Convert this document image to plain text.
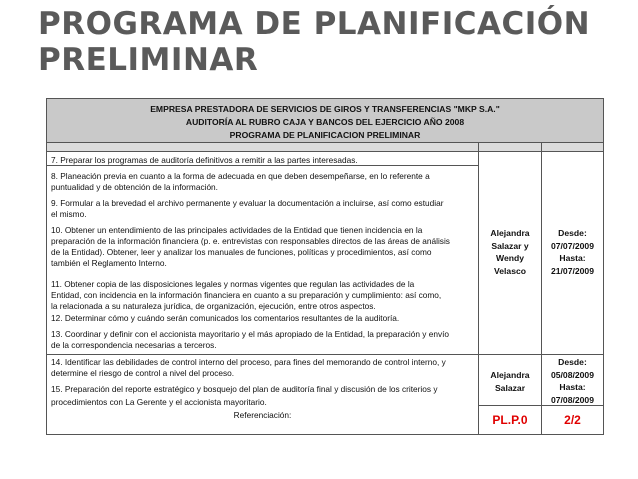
PROGRAMA DE PLANIFICACIÓN
PRELIMINAR
EMPRESA PRESTADORA DE SERVICIOS DE GIROS Y TRANSFERENCIAS "MKP S.A."
AUDITORÍA AL RUBRO CAJA Y BANCOS DEL EJERCICIO AÑO 2008
PROGRAMA DE PLANIFICACION PRELIMINAR
7. Preparar los programas de auditoría definitivos a remitir a las partes interesadas.
8. Planeación previa en cuanto a la forma de adecuada en que deben desempeñarse, en lo referente a
puntualidad y de obtención de la información.
9. Formular a la brevedad el archivo permanente y evaluar la documentación a incluirse, así como estudiar
el mismo.
10. Obtener un entendimiento de las principales actividades de la Entidad que tienen incidencia en la
preparación de la información financiera (p. e. entrevistas con responsables directos de las áreas de análisis
de la Entidad). Obtener, leer y analizar los manuales de funciones, políticas y procedimientos, así como
también el Reglamento Interno.
11. Obtener copia de las disposiciones legales y normas vigentes que regulan las actividades de la
Entidad, con incidencia en la información financiera en cuanto a su preparación y cumplimiento: así como,
la relacionada a su naturaleza jurídica, de organización, ejecución, entre otros aspectos.
12. Determinar cómo y cuándo serán comunicados los comentarios resultantes de la auditoría.
13. Coordinar y definir con el accionista mayoritario y el más apropiado de la Entidad, la preparación y envío
de la correspondencia necesarias a terceros.
14. Identificar las debilidades de control interno del proceso, para fines del memorando de control interno, y
determine el riesgo de control a nivel del proceso.
15. Preparación del reporte estratégico y bosquejo del plan de auditoría final y discusión de los criterios y
procedimientos con La Gerente y el accionista mayoritario.
Referenciación:
Alejandra
Salazar y
Wendy
Velasco
Desde:
07/07/2009
Hasta:
21/07/2009
Alejandra
Salazar
Desde:
05/08/2009
Hasta:
07/08/2009
PL.P.0	2/2
